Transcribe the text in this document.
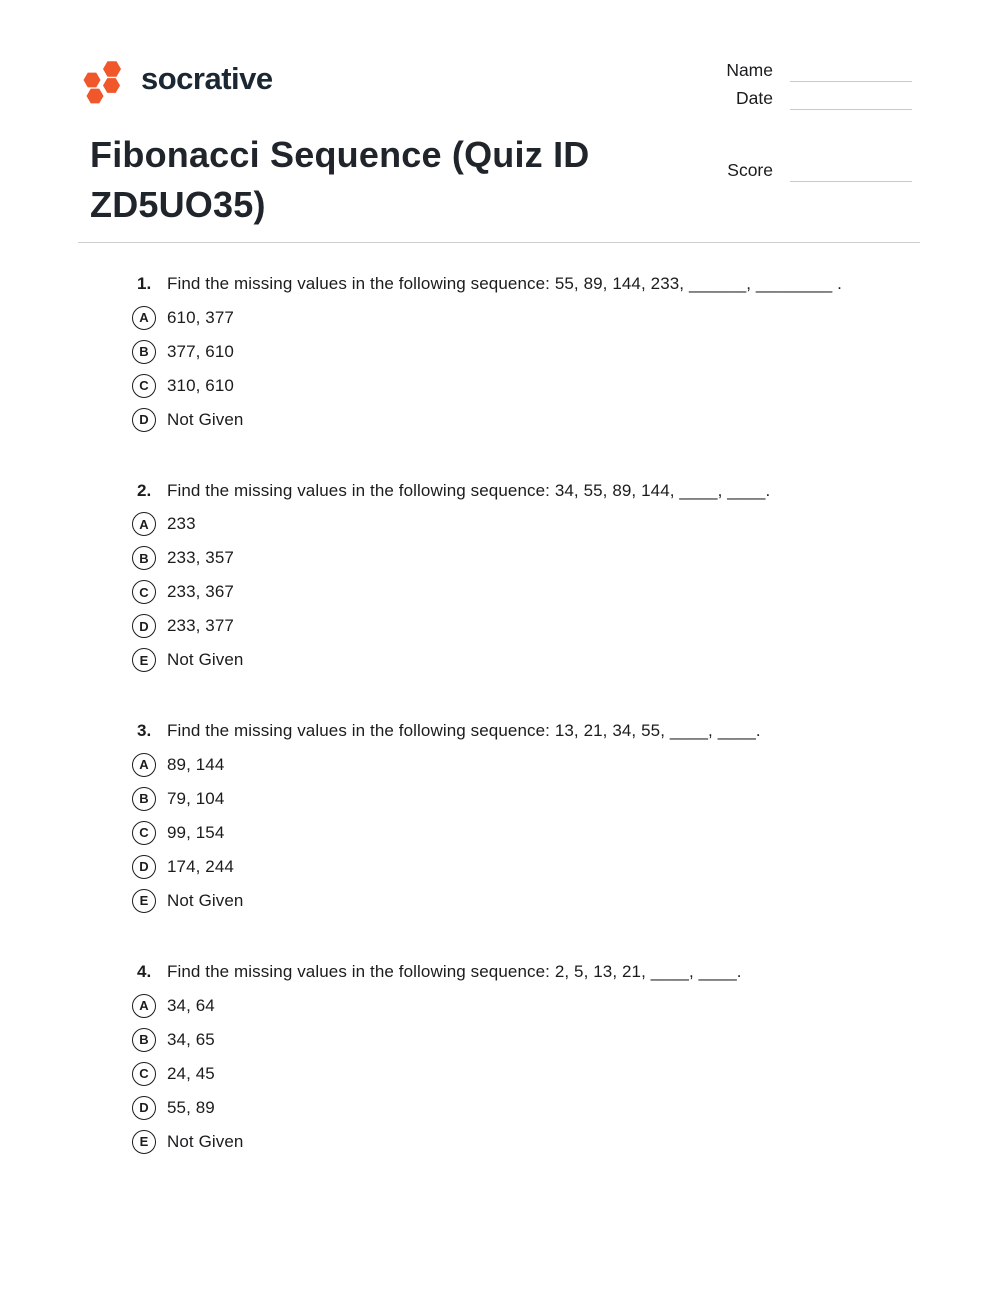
socrative	Name
Date
Fibonacci Sequence (Quiz ID ZD5UO35)
Score
1. Find the missing values in the following sequence: 55, 89, 144, 233, ______, ________ .
A	610, 377
B	377, 610
C	310, 610
D	Not Given
2. Find the missing values in the following sequence: 34, 55, 89, 144, ____, ____.
A	233
B	233, 357
C	233, 367
D	233, 377
E	Not Given
3. Find the missing values in the following sequence: 13, 21, 34, 55, ____, ____.
A	89, 144
B	79, 104
C	99, 154
D	174, 244
E	Not Given
4. Find the missing values in the following sequence: 2, 5, 13, 21, ____, ____.
A	34, 64
B	34, 65
C	24, 45
D	55, 89
E	Not Given
